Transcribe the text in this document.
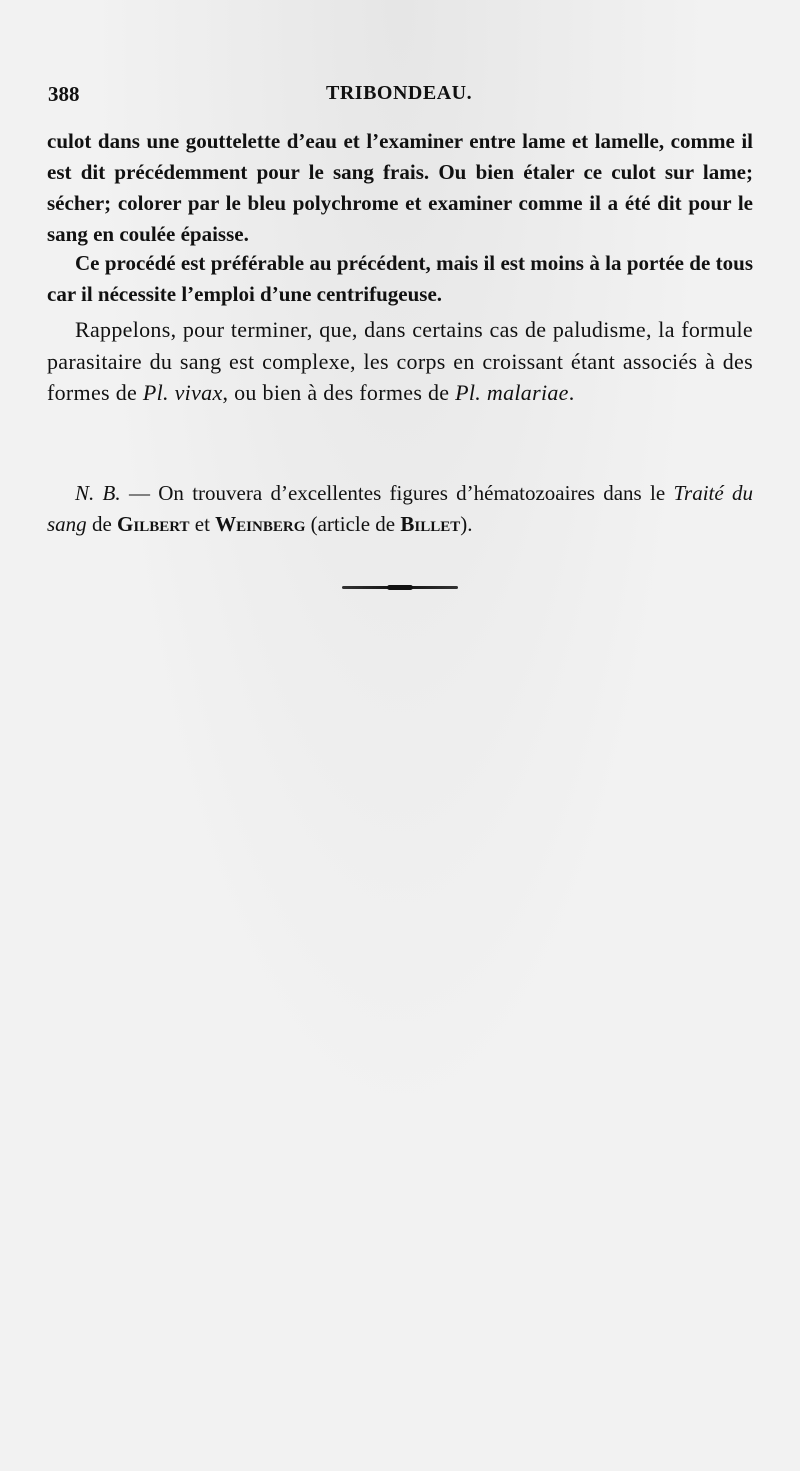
388	TRIBONDEAU.

culot dans une gouttelette d’eau et l’examiner entre lame et lamelle, comme il est dit précédemment pour le sang frais. Ou bien étaler ce culot sur lame; sécher; colorer par le bleu polychrome et examiner comme il a été dit pour le sang en coulée épaisse.

Ce procédé est préférable au précédent, mais il est moins à la portée de tous car il nécessite l’emploi d’une centrifugeuse.

Rappelons, pour terminer, que, dans certains cas de paludisme, la formule parasitaire du sang est complexe, les corps en croissant étant associés à des formes de Pl. vivax, ou bien à des formes de Pl. malariae.

N. B. — On trouvera d’excellentes figures d’hématozoaires dans le Traité du sang de Gilbert et Weinberg (article de Billet).
